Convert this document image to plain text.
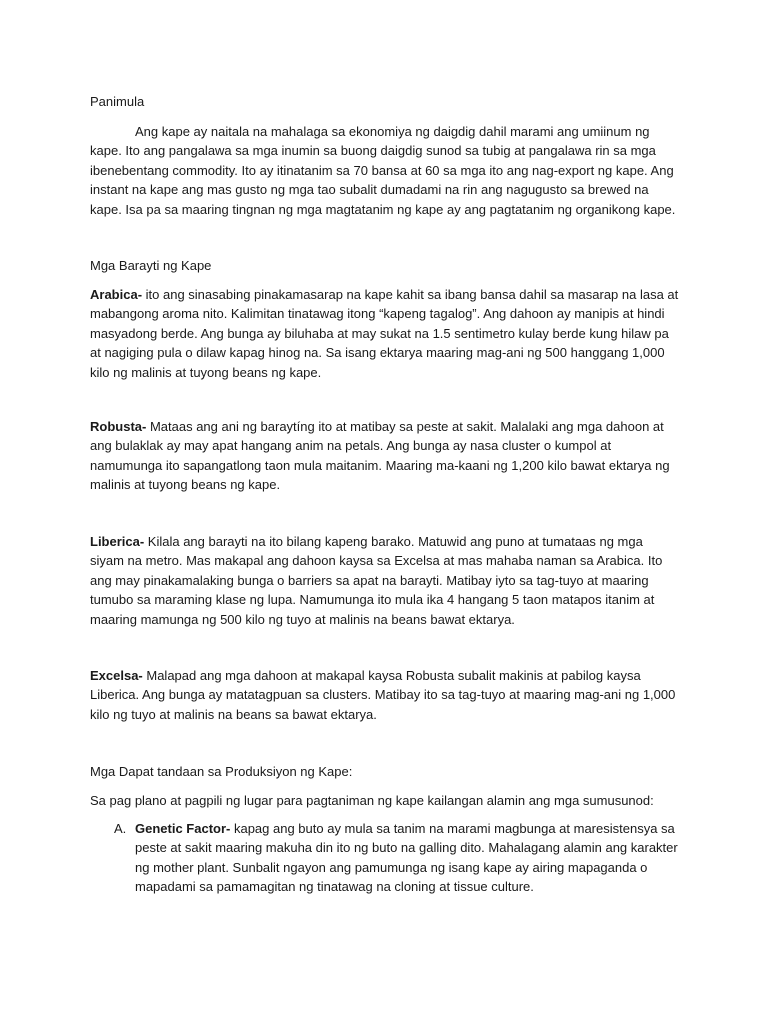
Panimula

Ang kape ay naitala na mahalaga sa ekonomiya ng daigdig dahil marami ang umiinum ng kape. Ito ang pangalawa sa mga inumin sa buong daigdig sunod sa tubig at pangalawa rin sa mga ibenebentang commodity. Ito ay itinatanim sa 70 bansa at 60 sa mga ito ang nag-export ng kape. Ang instant na kape ang mas gusto ng mga tao subalit dumadami na rin ang nagugusto sa brewed na kape. Isa pa sa maaring tingnan ng mga magtatanim ng kape ay ang pagtatanim ng organikong kape.

Mga Barayti ng Kape

Arabica- ito ang sinasabing pinakamasarap na kape kahit sa ibang bansa dahil sa masarap na lasa at mabangong aroma nito. Kalimitan tinatawag itong “kapeng tagalog”. Ang dahoon ay manipis at hindi masyadong berde. Ang bunga ay biluhaba at may sukat na 1.5 sentimetro kulay berde kung hilaw pa at nagiging pula o dilaw kapag hinog na. Sa isang ektarya maaring mag-ani ng 500 hanggang 1,000 kilo ng malinis at tuyong beans ng kape.

Robusta- Mataas ang ani ng baraytíng ito at matibay sa peste at sakit. Malalaki ang mga dahoon at ang bulaklak ay may apat hangang anim na petals. Ang bunga ay nasa cluster o kumpol at namumunga ito sapangatlong taon mula maitanim. Maaring ma-kaani ng 1,200 kilo bawat ektarya ng malinis at tuyong beans ng kape.

Liberica- Kilala ang barayti na ito bilang kapeng barako. Matuwid ang puno at tumataas ng mga siyam na metro. Mas makapal ang dahoon kaysa sa Excelsa at mas mahaba naman sa Arabica. Ito ang may pinakamalaking bunga o barriers sa apat na barayti. Matibay iyto sa tag-tuyo at maaring tumubo sa maraming klase ng lupa. Namumunga ito mula ika 4 hangang 5 taon matapos itanim at maaring mamunga ng 500 kilo ng tuyo at malinis na beans bawat ektarya.

Excelsa- Malapad ang mga dahoon at makapal kaysa Robusta subalit makinis at pabilog kaysa Liberica. Ang bunga ay matatagpuan sa clusters. Matibay ito sa tag-tuyo at maaring mag-ani ng 1,000 kilo ng tuyo at malinis na beans sa bawat ektarya.

Mga Dapat tandaan sa Produksiyon ng Kape:

Sa pag plano at pagpili ng lugar para pagtaniman ng kape kailangan alamin ang mga sumusunod:

A. Genetic Factor- kapag ang buto ay mula sa tanim na marami magbunga at maresistensya sa peste at sakit maaring makuha din ito ng buto na galling dito. Mahalagang alamin ang karakter ng mother plant. Sunbalit ngayon ang pamumunga ng isang kape ay airing mapaganda o mapadami sa pamamagitan ng tinatawag na cloning at tissue culture.
